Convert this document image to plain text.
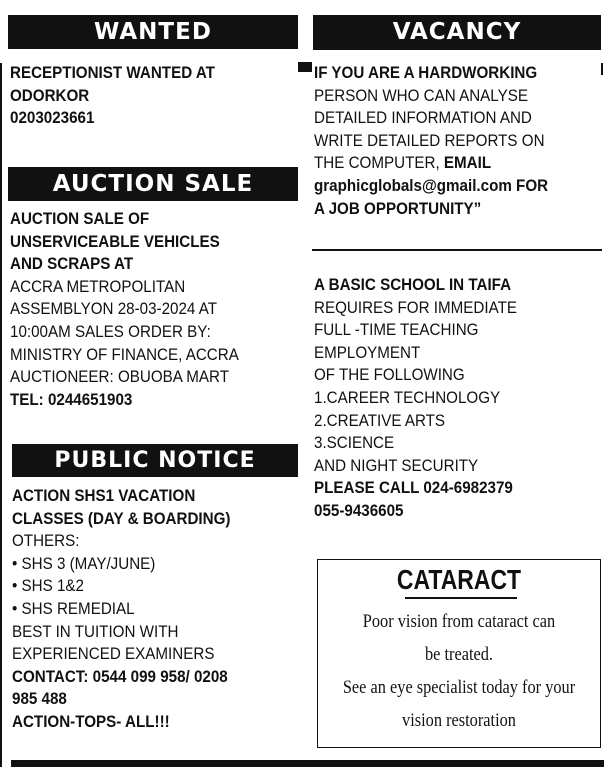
WANTED
RECEPTIONIST WANTED AT
ODORKOR
0203023661
AUCTION SALE
AUCTION SALE OF
UNSERVICEABLE VEHICLES
AND SCRAPS AT
ACCRA METROPOLITAN
ASSEMBLYON 28-03-2024 AT
10:00AM SALES ORDER BY:
MINISTRY OF FINANCE, ACCRA
AUCTIONEER: OBUOBA MART
TEL: 0244651903
PUBLIC NOTICE
ACTION SHS1 VACATION
CLASSES (DAY & BOARDING)
OTHERS:
• SHS 3 (MAY/JUNE)
• SHS 1&2
• SHS REMEDIAL
BEST IN TUITION WITH
EXPERIENCED EXAMINERS
CONTACT: 0544 099 958/ 0208
985 488
ACTION-TOPS- ALL!!!
VACANCY
IF YOU ARE A HARDWORKING
PERSON WHO CAN ANALYSE
DETAILED INFORMATION AND
WRITE DETAILED REPORTS ON
THE COMPUTER, EMAIL
graphicglobals@gmail.com FOR
A JOB OPPORTUNITY”
A BASIC SCHOOL IN TAIFA
REQUIRES FOR IMMEDIATE
FULL -TIME TEACHING
EMPLOYMENT
OF THE FOLLOWING
1.CAREER TECHNOLOGY
2.CREATIVE ARTS
3.SCIENCE
AND NIGHT SECURITY
PLEASE CALL 024-6982379
055-9436605
CATARACT
Poor vision from cataract can
be treated.
See an eye specialist today for your
vision restoration
